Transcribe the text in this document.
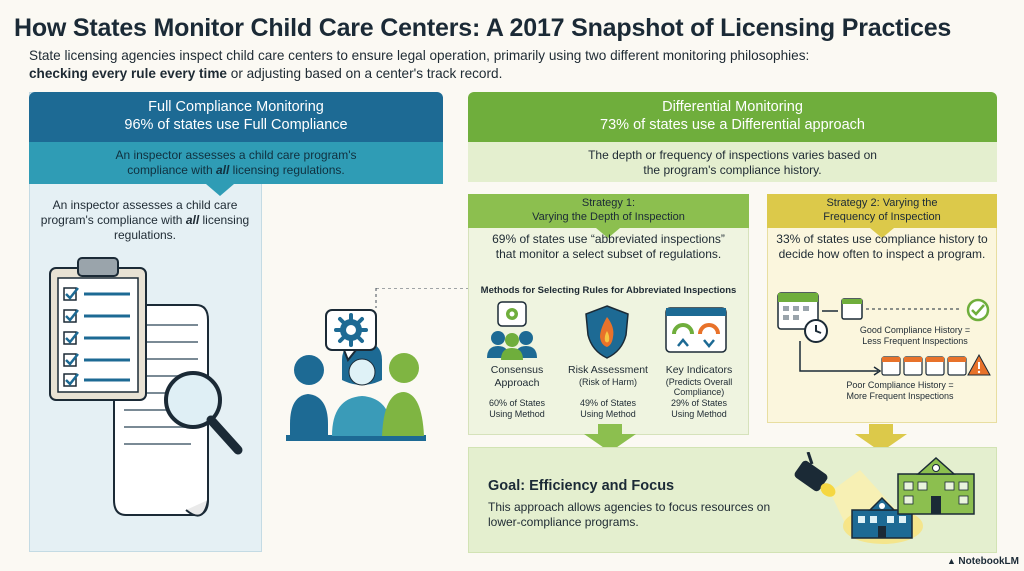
How States Monitor Child Care Centers: A 2017 Snapshot of Licensing Practices
State licensing agencies inspect child care centers to ensure legal operation, primarily using two different monitoring philosophies:
checking every rule every time or adjusting based on a center's track record.
Full Compliance Monitoring
96% of states use Full Compliance
An inspector assesses a child care program's
compliance with all licensing regulations.
An inspector assesses a child care program's compliance with all licensing regulations.
Differential Monitoring
73% of states use a Differential approach
The depth or frequency of inspections varies based on the program's compliance history.
Strategy 1:
Varying the Depth of Inspection
69% of states use “abbreviated inspections” that monitor a select subset of regulations.
Methods for Selecting Rules for Abbreviated Inspections
Consensus
Approach
Risk Assessment
(Risk of Harm)
Key Indicators
(Predicts Overall Compliance)
60% of States
Using Method
49% of States
Using Method
29% of States
Using Method
Strategy 2: Varying the
Frequency of Inspection
33% of states use compliance history to decide how often to inspect a program.
Good Compliance History =
Less Frequent Inspections
Poor Compliance History =
More Frequent Inspections
Goal: Efficiency and Focus
This approach allows agencies to focus resources on lower-compliance programs.
▲ NotebookLM
